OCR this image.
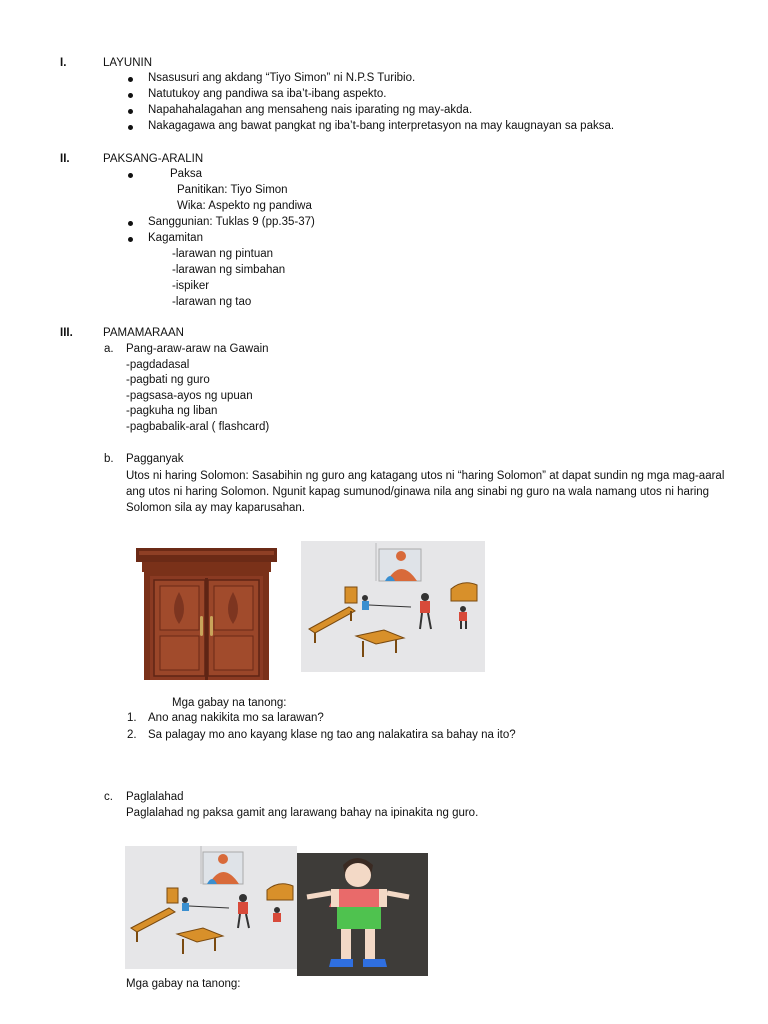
I.	LAYUNIN
Nsasusuri ang akdang “Tiyo Simon” ni N.P.S Turibio.
Natutukoy ang pandiwa sa iba’t-ibang aspekto.
Napahahalagahan ang mensaheng nais iparating ng may-akda.
Nakagagawa ang bawat pangkat ng iba’t-bang interpretasyon na may kaugnayan sa paksa.
II.	PAKSANG-ARALIN
Paksa
Panitikan: Tiyo Simon
Wika: Aspekto ng pandiwa
Sanggunian: Tuklas 9 (pp.35-37)
Kagamitan
-larawan ng pintuan
-larawan ng simbahan
-ispiker
-larawan ng tao
III.	PAMAMARAAN
a. Pang-araw-araw na Gawain
-pagdadasal
-pagbati ng guro
-pagsasa-ayos ng upuan
-pagkuha ng liban
-pagbabalik-aral ( flashcard)
b. Pagganyak
Utos ni haring Solomon: Sasabihin ng guro ang katagang utos ni “haring Solomon” at dapat sundin ng mga mag-aaral ang utos ni haring Solomon. Ngunit kapag sumunod/ginawa nila ang sinabi ng guro na wala namang utos ni haring Solomon sila ay may kaparusahan.
Mga gabay na tanong:
1. Ano anag nakikita mo sa larawan?
2. Sa palagay mo ano kayang klase ng tao ang nalakatira sa bahay na ito?
c. Paglalahad
Paglalahad ng paksa gamit ang larawang bahay na ipinakita ng guro.
Mga gabay na tanong:
